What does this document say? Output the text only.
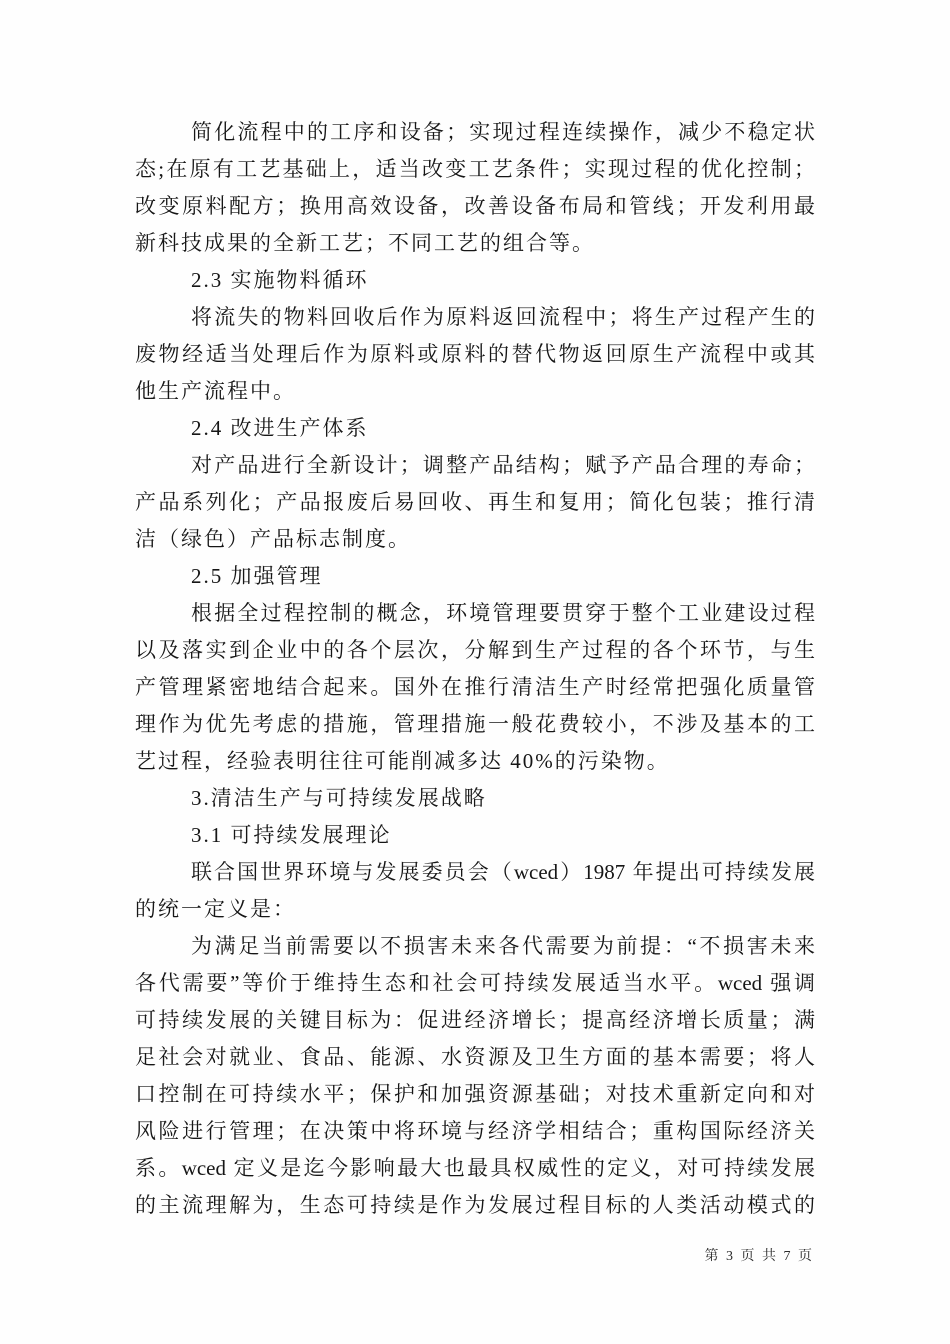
简化流程中的工序和设备；实现过程连续操作，减少不稳定状
态;在原有工艺基础上，适当改变工艺条件；实现过程的优化控制；
改变原料配方；换用高效设备，改善设备布局和管线；开发利用最
新科技成果的全新工艺；不同工艺的组合等。
2.3 实施物料循环
将流失的物料回收后作为原料返回流程中；将生产过程产生的
废物经适当处理后作为原料或原料的替代物返回原生产流程中或其
他生产流程中。
2.4 改进生产体系
对产品进行全新设计；调整产品结构；赋予产品合理的寿命；
产品系列化；产品报废后易回收、再生和复用；简化包装；推行清
洁（绿色）产品标志制度。
2.5 加强管理
根据全过程控制的概念，环境管理要贯穿于整个工业建设过程
以及落实到企业中的各个层次，分解到生产过程的各个环节，与生
产管理紧密地结合起来。国外在推行清洁生产时经常把强化质量管
理作为优先考虑的措施，管理措施一般花费较小，不涉及基本的工
艺过程，经验表明往往可能削减多达 40%的污染物。
3.清洁生产与可持续发展战略
3.1 可持续发展理论
联合国世界环境与发展委员会（wced）1987 年提出可持续发展
的统一定义是：
为满足当前需要以不损害未来各代需要为前提：“不损害未来
各代需要”等价于维持生态和社会可持续发展适当水平。wced 强调
可持续发展的关键目标为：促进经济增长；提高经济增长质量；满
足社会对就业、食品、能源、水资源及卫生方面的基本需要；将人
口控制在可持续水平；保护和加强资源基础；对技术重新定向和对
风险进行管理；在决策中将环境与经济学相结合；重构国际经济关
系。wced 定义是迄今影响最大也最具权威性的定义，对可持续发展
的主流理解为，生态可持续是作为发展过程目标的人类活动模式的
第 3 页 共 7 页
